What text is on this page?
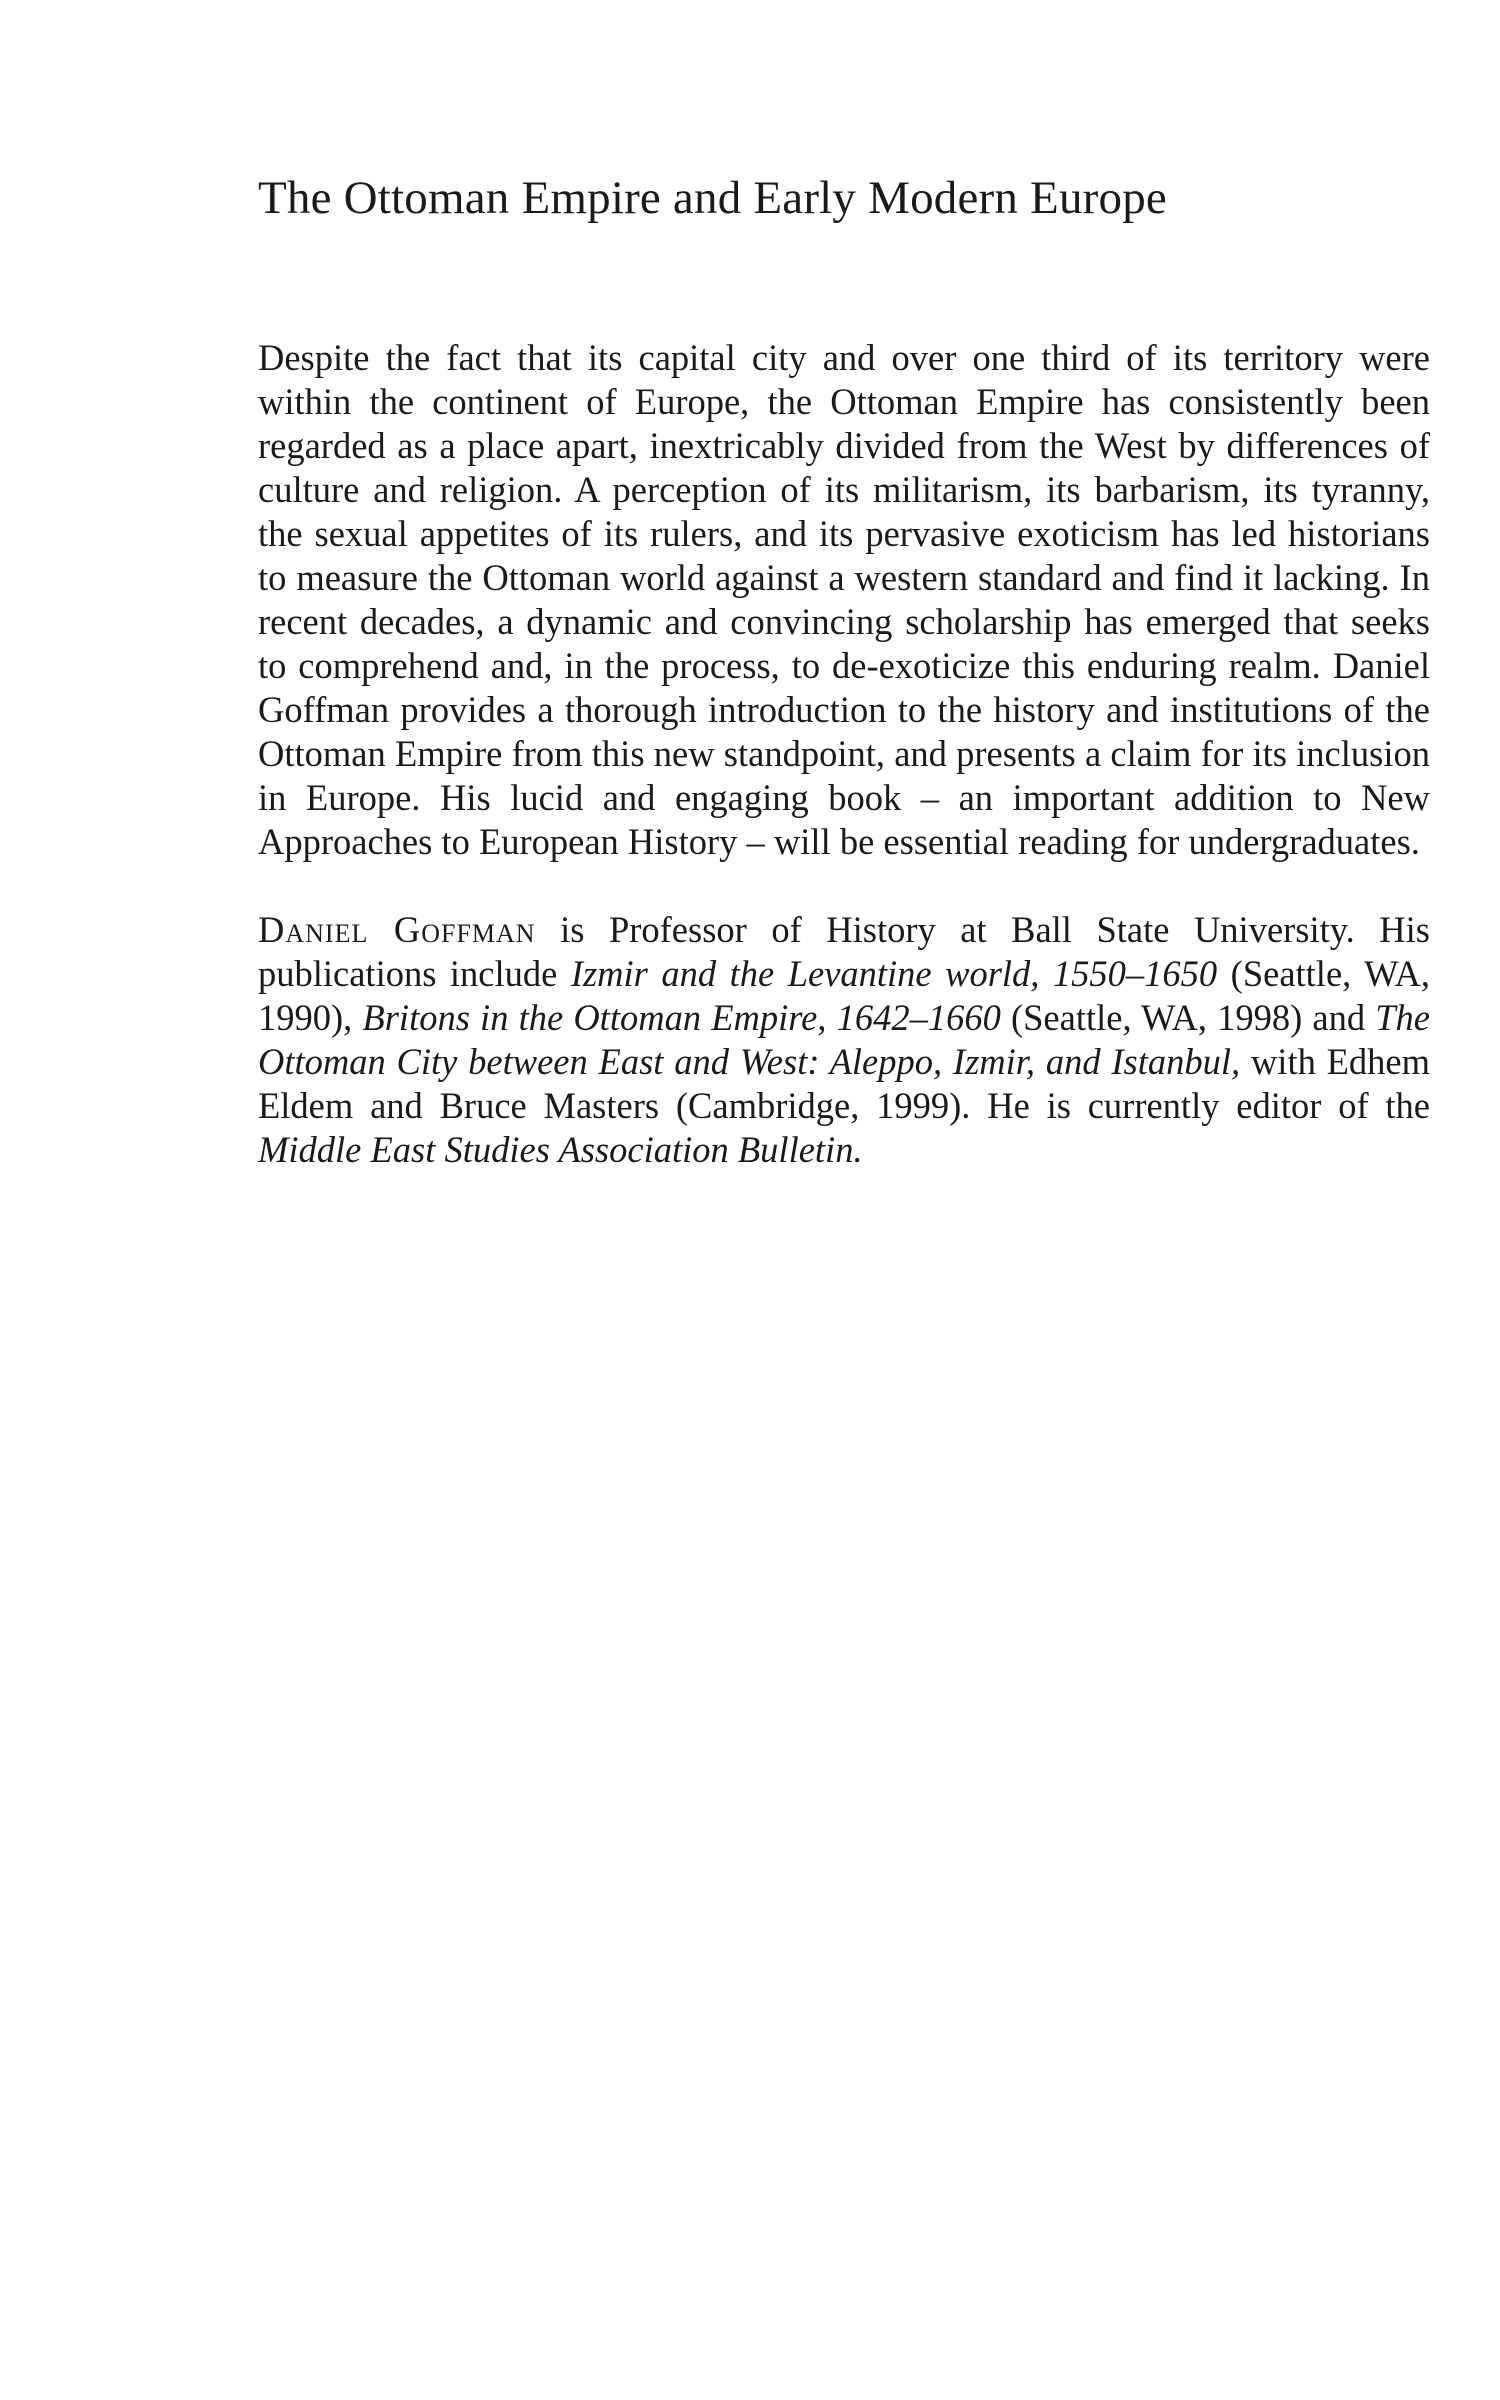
The Ottoman Empire and Early Modern Europe

Despite the fact that its capital city and over one third of its territory were within the continent of Europe, the Ottoman Empire has consistently been regarded as a place apart, inextricably divided from the West by differences of culture and religion. A perception of its militarism, its barbarism, its tyranny, the sexual appetites of its rulers, and its pervasive exoticism has led historians to measure the Ottoman world against a western standard and find it lacking. In recent decades, a dynamic and convincing scholarship has emerged that seeks to comprehend and, in the process, to de-exoticize this enduring realm. Daniel Goffman provides a thorough introduction to the history and institutions of the Ottoman Empire from this new standpoint, and presents a claim for its inclusion in Europe. His lucid and engaging book – an important addition to New Approaches to European History – will be essential reading for undergraduates.

Daniel Goffman is Professor of History at Ball State University. His publications include Izmir and the Levantine world, 1550–1650 (Seattle, WA, 1990), Britons in the Ottoman Empire, 1642–1660 (Seattle, WA, 1998) and The Ottoman City between East and West: Aleppo, Izmir, and Istanbul, with Edhem Eldem and Bruce Masters (Cambridge, 1999). He is currently editor of the Middle East Studies Association Bulletin.
